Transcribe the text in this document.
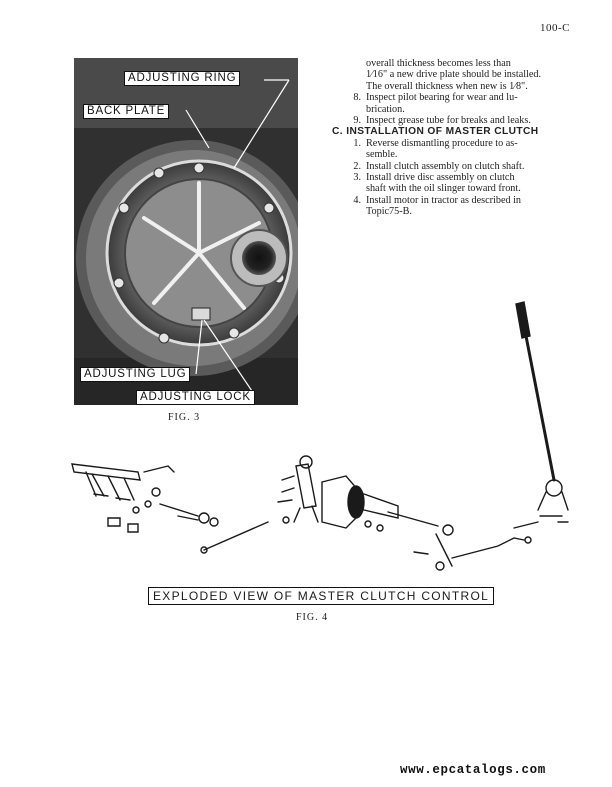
100-C
ADJUSTING RING
BACK PLATE
ADJUSTING LUG
ADJUSTING LOCK
FIG. 3

overall thickness becomes less than

1⁄16" a new drive plate should be installed.

The overall thickness when new is 1⁄8".

8. Inspect pilot bearing for wear and lu-
brication.
9. Inspect grease tube for breaks and leaks.

C. INSTALLATION OF MASTER CLUTCH

1. Reverse dismantling procedure to as-
semble.
2. Install clutch assembly on clutch shaft.
3. Install drive disc assembly on clutch
shaft with the oil slinger toward front.
4. Install motor in tractor as described in
Topic75-B.
EXPLODED VIEW OF MASTER CLUTCH CONTROL
FIG. 4
www.epcatalogs.com
